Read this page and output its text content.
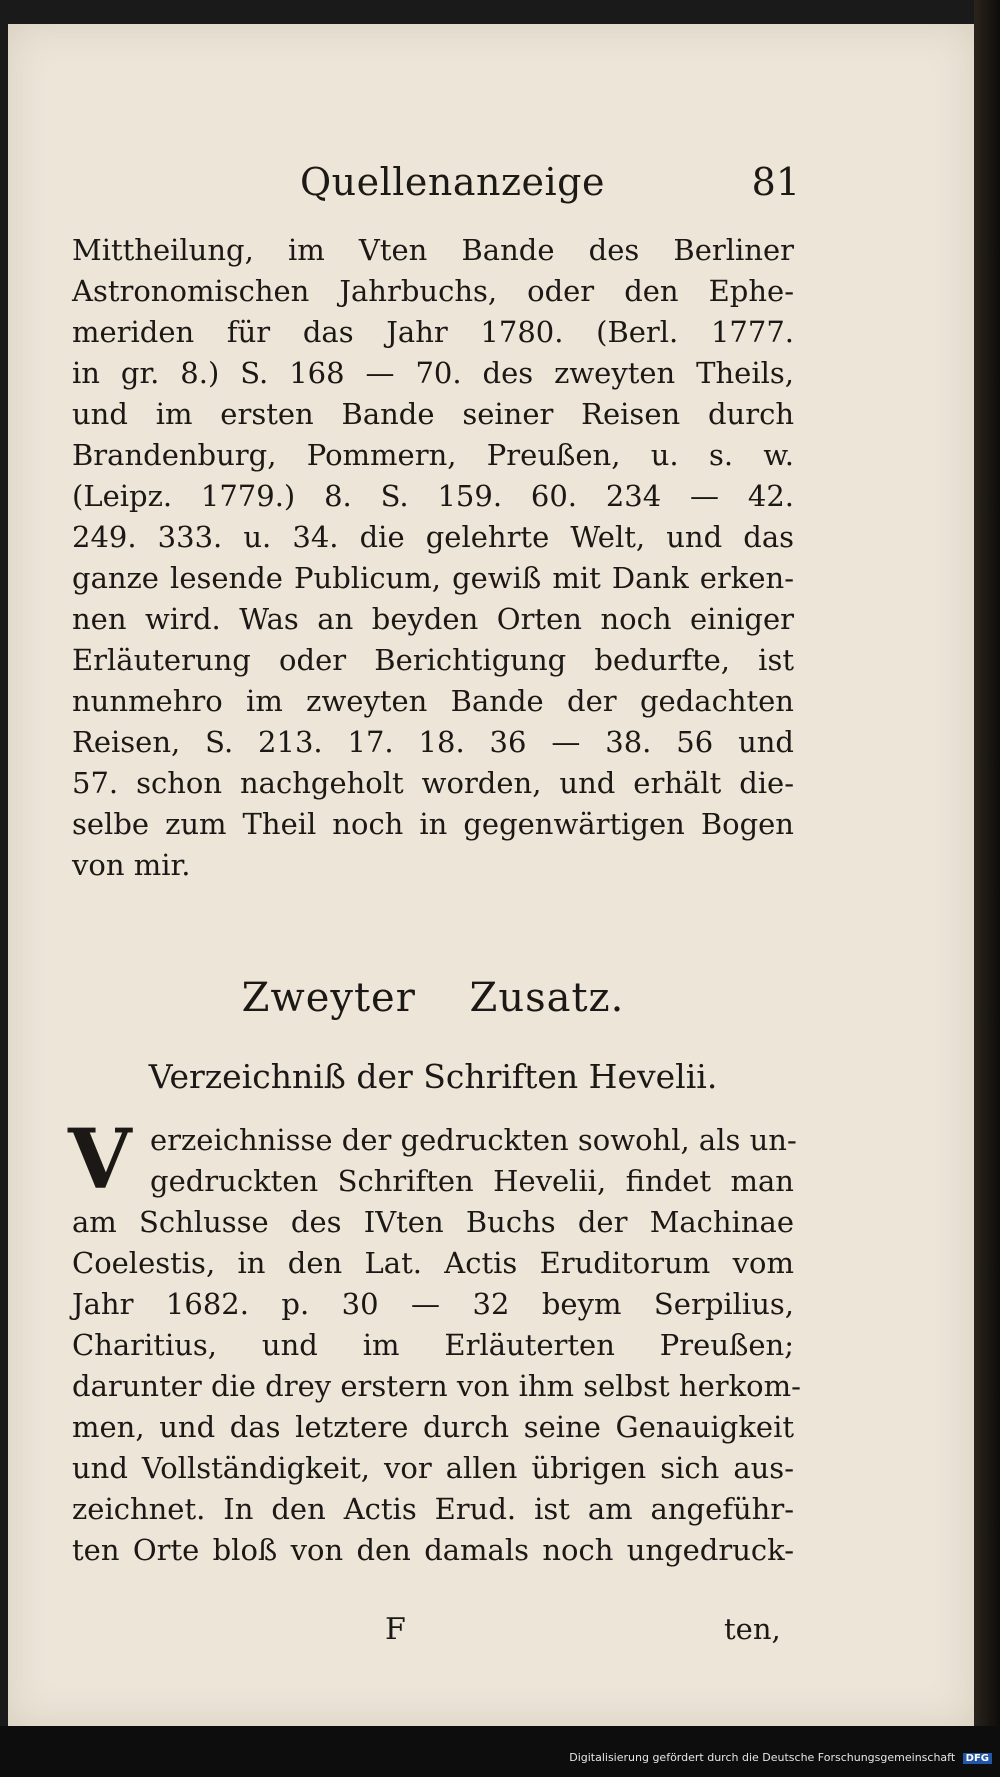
Quellenanzeige	81
Mittheilung, im Vten Bande des Berliner
Astronomischen Jahrbuchs, oder den Ephe-
meriden für das Jahr 1780. (Berl. 1777.
in gr. 8.) S. 168 — 70. des zweyten Theils,
und im ersten Bande seiner Reisen durch
Brandenburg, Pommern, Preußen, u. s. w.
(Leipz. 1779.) 8. S. 159. 60. 234 — 42.
249. 333. u. 34. die gelehrte Welt, und das
ganze lesende Publicum, gewiß mit Dank erken-
nen wird. Was an beyden Orten noch einiger
Erläuterung oder Berichtigung bedurfte, ist
nunmehro im zweyten Bande der gedachten
Reisen, S. 213. 17. 18. 36 — 38. 56 und
57. schon nachgeholt worden, und erhält die-
selbe zum Theil noch in gegenwärtigen Bogen
von mir.
Zweyter Zusatz.
Verzeichniß der Schriften Hevelii.
V erzeichnisse der gedruckten sowohl, als un-
gedruckten Schriften Hevelii, findet man
am Schlusse des IVten Buchs der Machinae
Coelestis, in den Lat. Actis Eruditorum vom
Jahr 1682. p. 30 — 32 beym Serpilius,
Charitius, und im Erläuterten Preußen;
darunter die drey erstern von ihm selbst herkom-
men, und das letztere durch seine Genauigkeit
und Vollständigkeit, vor allen übrigen sich aus-
zeichnet. In den Actis Erud. ist am angeführ-
ten Orte bloß von den damals noch ungedruck-
F	ten,
Digitalisierung gefördert durch die Deutsche Forschungsgemeinschaft DFG
